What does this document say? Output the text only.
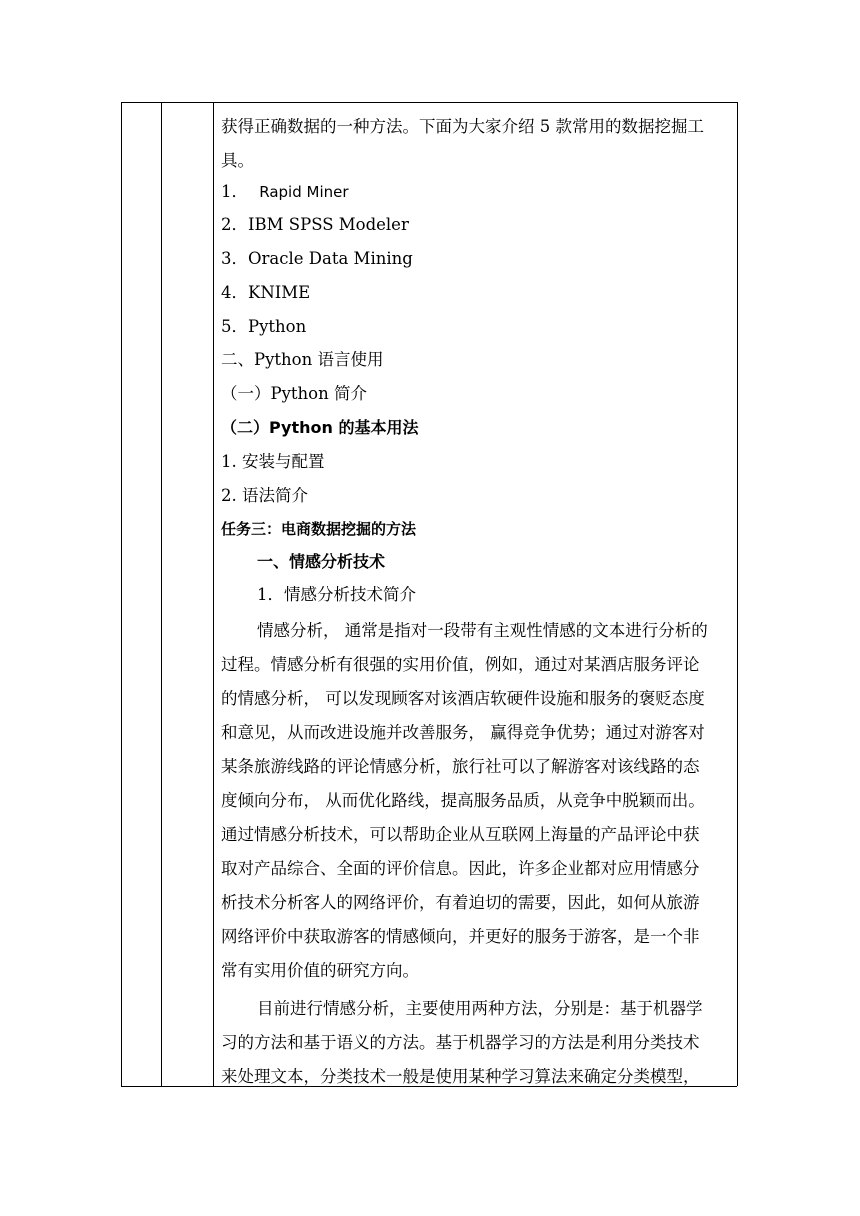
获得正确数据的一种方法。下面为大家介绍 5 款常用的数据挖掘工
具。
1． Rapid Miner
2．IBM SPSS Modeler
3．Oracle Data Mining
4．KNIME
5．Python
二、Python 语言使用
（一）Python 简介
（二）Python 的基本用法
1. 安装与配置
2. 语法简介
任务三：电商数据挖掘的方法
一、情感分析技术
1．情感分析技术简介
情感分析， 通常是指对一段带有主观性情感的文本进行分析的
过程。情感分析有很强的实用价值，例如，通过对某酒店服务评论
的情感分析， 可以发现顾客对该酒店软硬件设施和服务的褒贬态度
和意见，从而改进设施并改善服务， 赢得竞争优势；通过对游客对
某条旅游线路的评论情感分析，旅行社可以了解游客对该线路的态
度倾向分布， 从而优化路线，提高服务品质，从竞争中脱颖而出。
通过情感分析技术，可以帮助企业从互联网上海量的产品评论中获
取对产品综合、全面的评价信息。因此，许多企业都对应用情感分
析技术分析客人的网络评价，有着迫切的需要，因此，如何从旅游
网络评价中获取游客的情感倾向，并更好的服务于游客，是一个非
常有实用价值的研究方向。
目前进行情感分析，主要使用两种方法，分别是：基于机器学
习的方法和基于语义的方法。基于机器学习的方法是利用分类技术
来处理文本，分类技术一般是使用某种学习算法来确定分类模型，
